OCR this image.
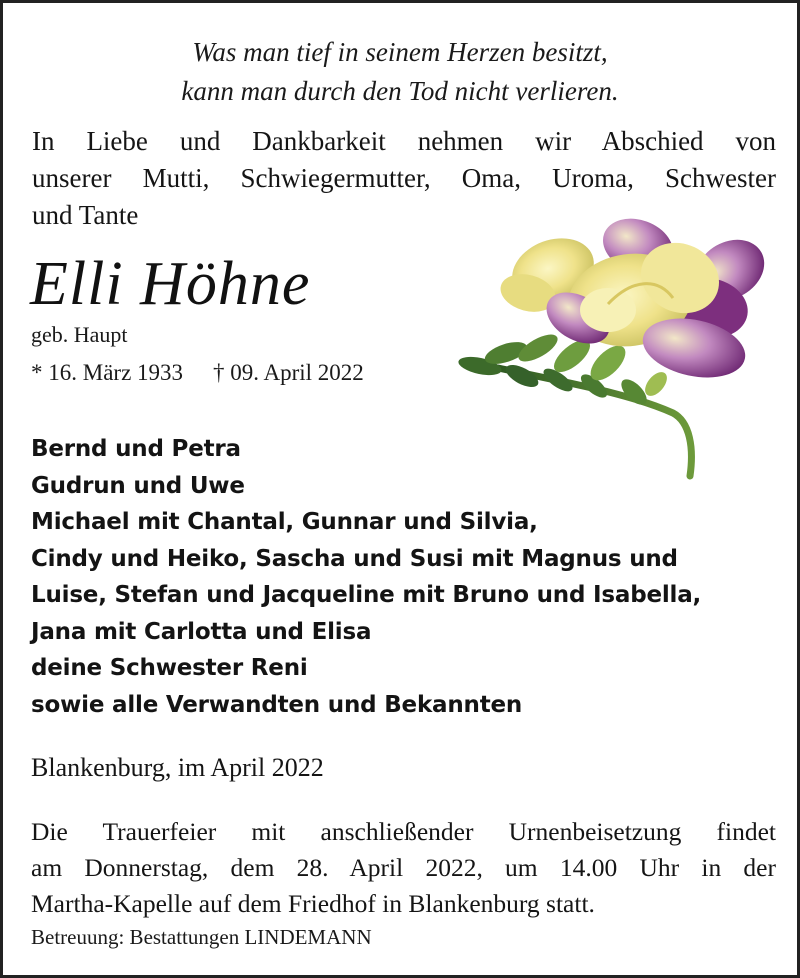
Was man tief in seinem Herzen besitzt,
kann man durch den Tod nicht verlieren.
In Liebe und Dankbarkeit nehmen wir Abschied von
unserer Mutti, Schwiegermutter, Oma, Uroma, Schwester
und Tante
Elli Höhne
geb. Haupt
* 16. März 1933 † 09. April 2022
Bernd und Petra
Gudrun und Uwe
Michael mit Chantal, Gunnar und Silvia,
Cindy und Heiko, Sascha und Susi mit Magnus und
Luise, Stefan und Jacqueline mit Bruno und Isabella,
Jana mit Carlotta und Elisa
deine Schwester Reni
sowie alle Verwandten und Bekannten
Blankenburg, im April 2022
Die Trauerfeier mit anschließender Urnenbeisetzung findet
am Donnerstag, dem 28. April 2022, um 14.00 Uhr in der
Martha-Kapelle auf dem Friedhof in Blankenburg statt.
Betreuung: Bestattungen LINDEMANN
